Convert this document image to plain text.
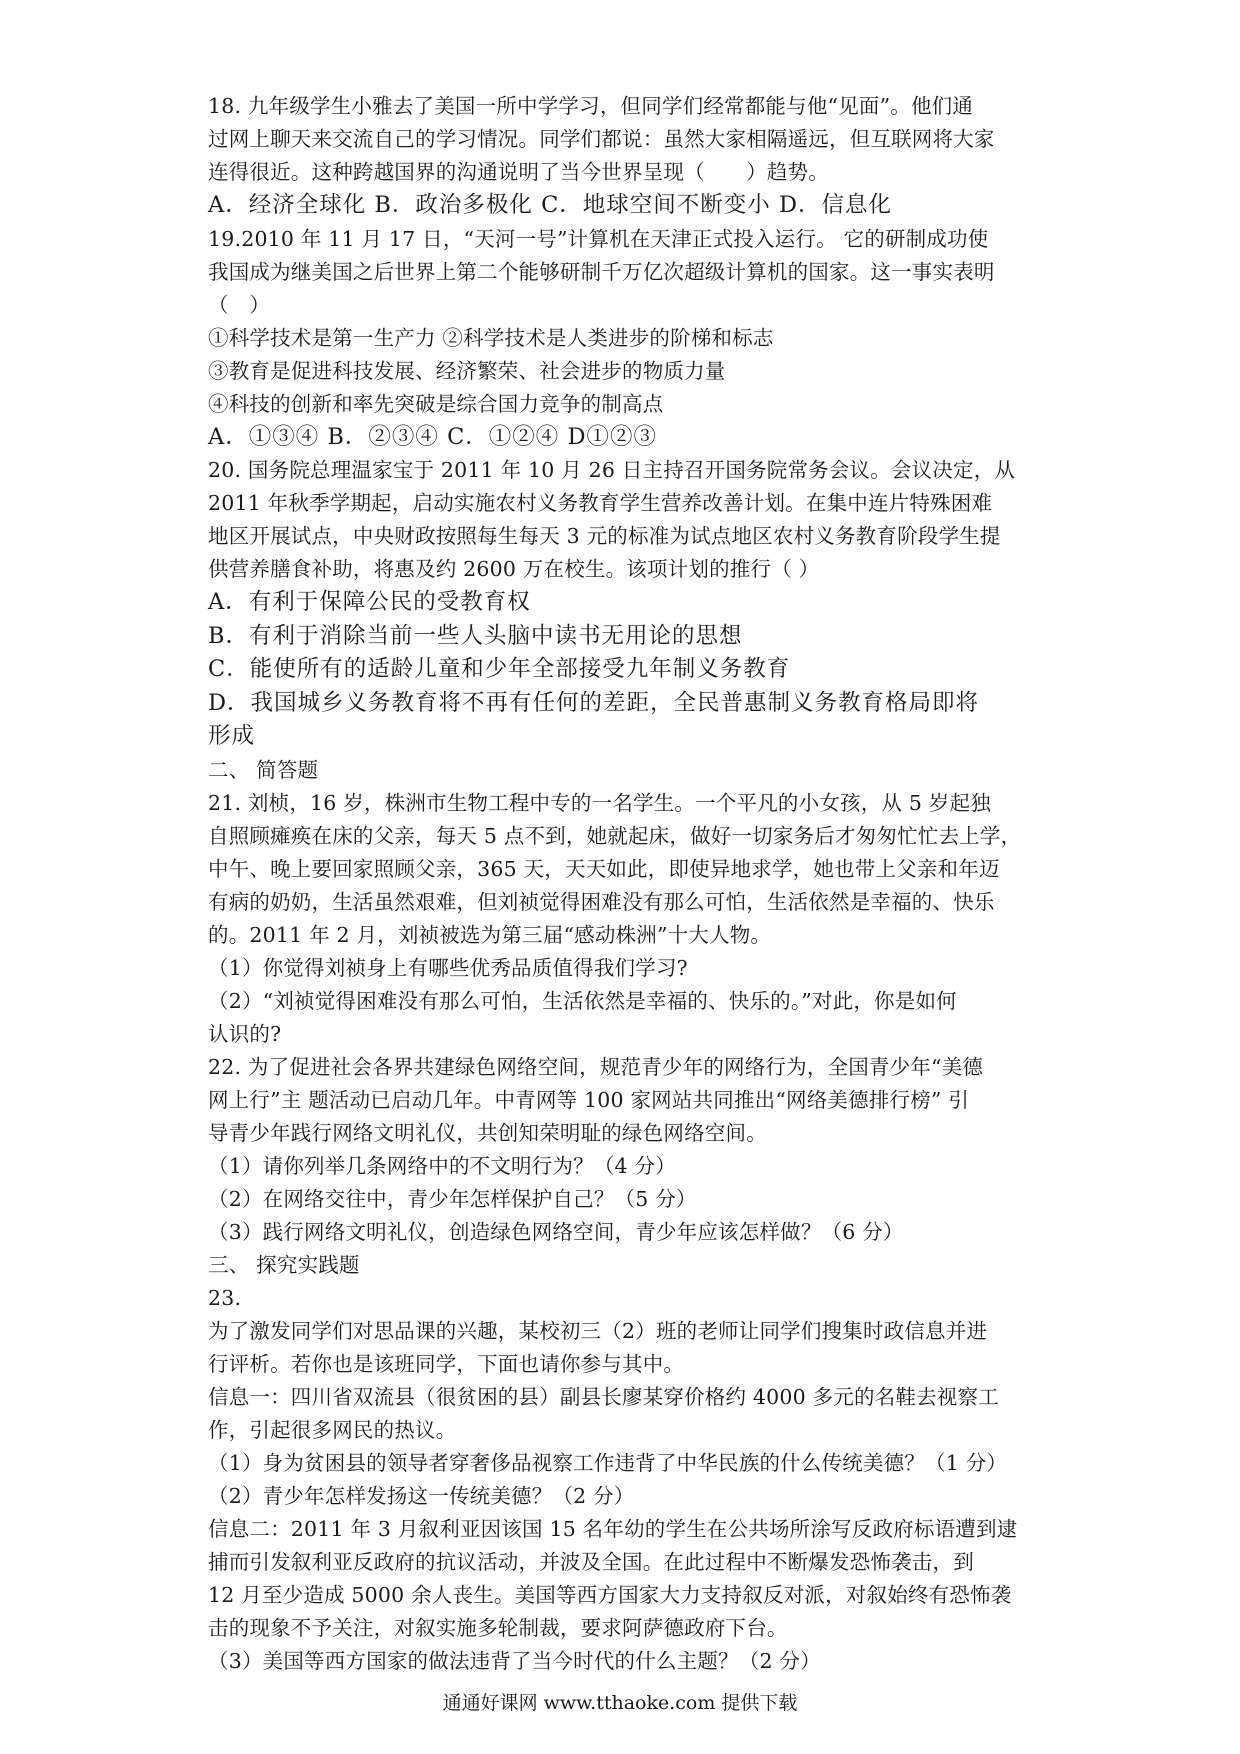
18. 九年级学生小雅去了美国一所中学学习，但同学们经常都能与他“见面”。他们通
过网上聊天来交流自己的学习情况。同学们都说：虽然大家相隔遥远，但互联网将大家
连得很近。这种跨越国界的沟通说明了当今世界呈现（　　）趋势。
A．经济全球化 B．政治多极化 C．地球空间不断变小 D．信息化
19.2010 年 11 月 17 日，“天河一号”计算机在天津正式投入运行。 它的研制成功使
我国成为继美国之后世界上第二个能够研制千万亿次超级计算机的国家。这一事实表明
（　）
①科学技术是第一生产力 ②科学技术是人类进步的阶梯和标志
③教育是促进科技发展、经济繁荣、社会进步的物质力量
④科技的创新和率先突破是综合国力竞争的制高点
A．①③④ B．②③④ C．①②④ D①②③
20. 国务院总理温家宝于 2011 年 10 月 26 日主持召开国务院常务会议。会议决定，从
2011 年秋季学期起，启动实施农村义务教育学生营养改善计划。在集中连片特殊困难
地区开展试点，中央财政按照每生每天 3 元的标准为试点地区农村义务教育阶段学生提
供营养膳食补助，将惠及约 2600 万在校生。该项计划的推行（ ）
A．有利于保障公民的受教育权
B．有利于消除当前一些人头脑中读书无用论的思想
C．能使所有的适龄儿童和少年全部接受九年制义务教育
D．我国城乡义务教育将不再有任何的差距，全民普惠制义务教育格局即将
形成
二、 简答题
21. 刘桢，16 岁，株洲市生物工程中专的一名学生。一个平凡的小女孩，从 5 岁起独
自照顾瘫痪在床的父亲，每天 5 点不到，她就起床，做好一切家务后才匆匆忙忙去上学，
中午、晚上要回家照顾父亲，365 天，天天如此，即使异地求学，她也带上父亲和年迈
有病的奶奶，生活虽然艰难，但刘祯觉得困难没有那么可怕，生活依然是幸福的、快乐
的。2011 年 2 月，刘祯被选为第三届“感动株洲”十大人物。
（1）你觉得刘祯身上有哪些优秀品质值得我们学习?
（2）“刘祯觉得困难没有那么可怕，生活依然是幸福的、快乐的。”对此，你是如何
认识的?
22. 为了促进社会各界共建绿色网络空间，规范青少年的网络行为，全国青少年“美德
网上行”主 题活动已启动几年。中青网等 100 家网站共同推出“网络美德排行榜” 引
导青少年践行网络文明礼仪，共创知荣明耻的绿色网络空间。
（1）请你列举几条网络中的不文明行为？（4 分）
（2）在网络交往中，青少年怎样保护自己？（5 分）
（3）践行网络文明礼仪，创造绿色网络空间，青少年应该怎样做？（6 分）
三、 探究实践题
23.
为了激发同学们对思品课的兴趣，某校初三（2）班的老师让同学们搜集时政信息并进
行评析。若你也是该班同学，下面也请你参与其中。
信息一：四川省双流县（很贫困的县）副县长廖某穿价格约 4000 多元的名鞋去视察工
作，引起很多网民的热议。
（1）身为贫困县的领导者穿奢侈品视察工作违背了中华民族的什么传统美德？（1 分）
（2）青少年怎样发扬这一传统美德？（2 分）
信息二：2011 年 3 月叙利亚因该国 15 名年幼的学生在公共场所涂写反政府标语遭到逮
捕而引发叙利亚反政府的抗议活动，并波及全国。在此过程中不断爆发恐怖袭击，到
12 月至少造成 5000 余人丧生。美国等西方国家大力支持叙反对派，对叙始终有恐怖袭
击的现象不予关注，对叙实施多轮制裁，要求阿萨德政府下台。
（3）美国等西方国家的做法违背了当今时代的什么主题？（2 分）
通通好课网 www.tthaoke.com 提供下载
